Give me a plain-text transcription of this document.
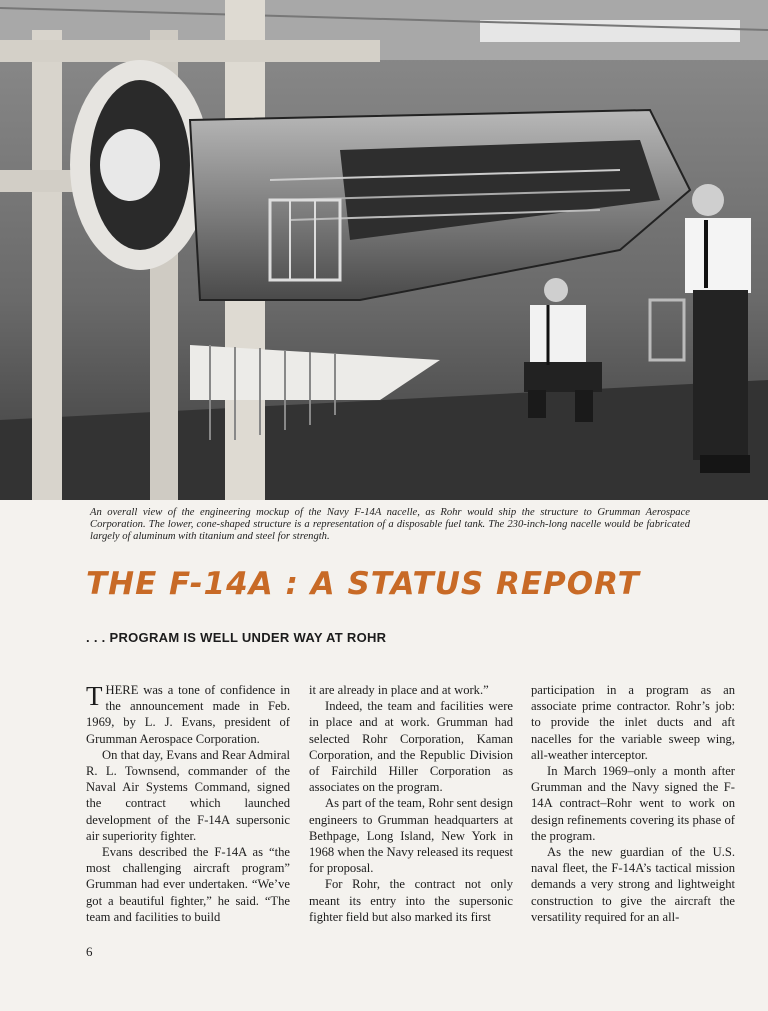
An overall view of the engineering mockup of the Navy F-14A nacelle, as Rohr would ship the structure to Grumman Aerospace Corporation. The lower, cone-shaped structure is a representation of a disposable fuel tank. The 230-inch-long nacelle would be fabricated largely of aluminum with titanium and steel for strength.
THE F-14A : A STATUS REPORT
. . . PROGRAM IS WELL UNDER WAY AT ROHR

THERE was a tone of confidence in the announcement made in Feb. 1969, by L. J. Evans, president of Grumman Aerospace Corporation.

On that day, Evans and Rear Admiral R. L. Townsend, commander of the Naval Air Systems Command, signed the contract which launched development of the F-14A supersonic air superiority fighter.

Evans described the F-14A as “the most challenging aircraft program” Grumman had ever undertaken. “We’ve got a beautiful fighter,” he said. “The team and facilities to build

it are already in place and at work.”

Indeed, the team and facilities were in place and at work. Grumman had selected Rohr Corporation, Kaman Corporation, and the Republic Division of Fairchild Hiller Corporation as associates on the program.

As part of the team, Rohr sent design engineers to Grumman headquarters at Bethpage, Long Island, New York in 1968 when the Navy released its request for proposal.

For Rohr, the contract not only meant its entry into the supersonic fighter field but also marked its first

participation in a program as an associate prime contractor. Rohr’s job: to provide the inlet ducts and aft nacelles for the variable sweep wing, all-weather interceptor.

In March 1969–only a month after Grumman and the Navy signed the F-14A contract–Rohr went to work on design refinements covering its phase of the program.

As the new guardian of the U.S. naval fleet, the F-14A’s tactical mission demands a very strong and lightweight construction to give the aircraft the versatility required for an all-

6
